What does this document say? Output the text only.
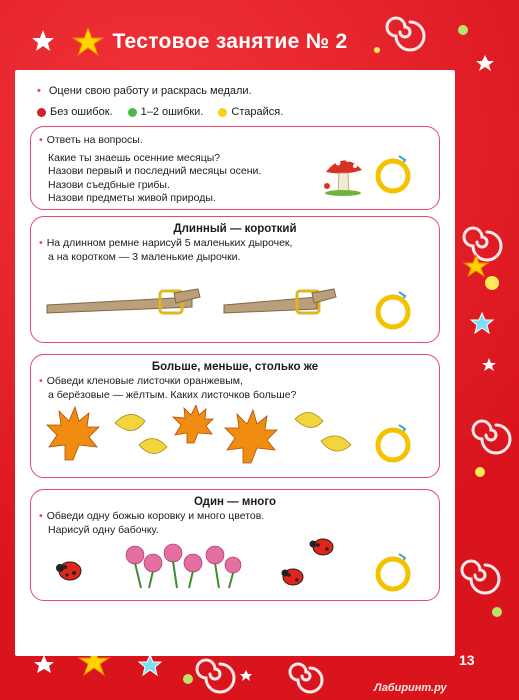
Тестовое занятие № 2
• Оцени свою работу и раскрась медали.
Без ошибок.	1–2 ошибки.	Старайся.

• Ответь на вопросы.

Какие ты знаешь осенние месяцы?

Назови первый и последний месяцы осени.

Назови съедбные грибы.

Назови предметы живой природы.

Длинный — короткий

• На длинном ремне нарисуй 5 маленьких дырочек,

а на коротком — 3 маленькие дырочки.

Больше, меньше, столько же

• Обведи кленовые листочки оранжевым,

а берёзовые — жёлтым. Каких листочков больше?

Один — много

• Обведи одну божью коровку и много цветов.

Нарисуй одну бабочку.

13
Лабиринт.ру
